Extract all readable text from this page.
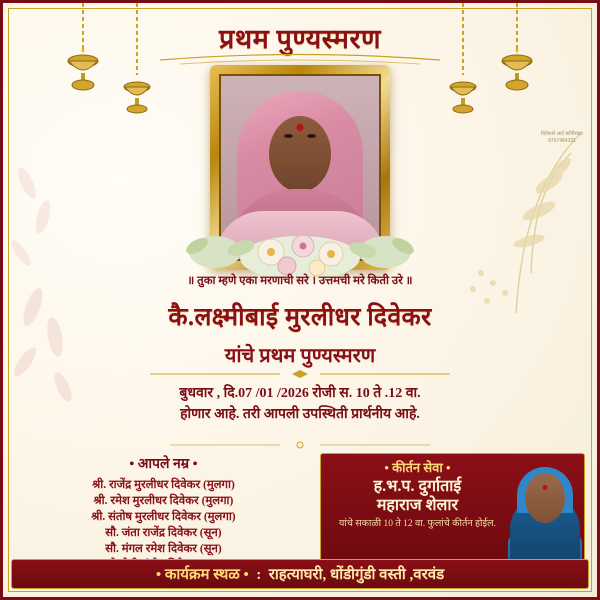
प्रथम पुण्यस्मरण
दिवेकर्स आर्ट कॉपीराइट
9767484331
॥ तुका म्हणे एका मरणाची सरे । उत्तमची मरे किती उरे ॥
कै.लक्ष्मीबाई मुरलीधर दिवेकर
यांचे प्रथम पुण्यस्मरण
बुधवार , दि.07 /01 /2026 रोजी स. 10 ते .12 वा.
होणार आहे. तरी आपली उपस्थिती प्रार्थनीय आहे.
• आपले नम्र •
श्री. राजेंद्र मुरलीधर दिवेकर (मुलगा)
श्री. रमेश मुरलीधर दिवेकर (मुलगा)
श्री. संतोष मुरलीधर दिवेकर (मुलगा)
सौ. जंता राजेंद्र दिवेकर (सून)
सौ. मंगल रमेश दिवेकर (सून)
• कीर्तन सेवा •
ह.भ.प. दुर्गाताई
महाराज शेलार
यांचे सकाळी 10 ते 12 वा. फुलांचे कीर्तन होईल.
• कार्यक्रम स्थळ •  :  राहत्याघरी, धोंडीगुंडी वस्ती ,वरवंड
